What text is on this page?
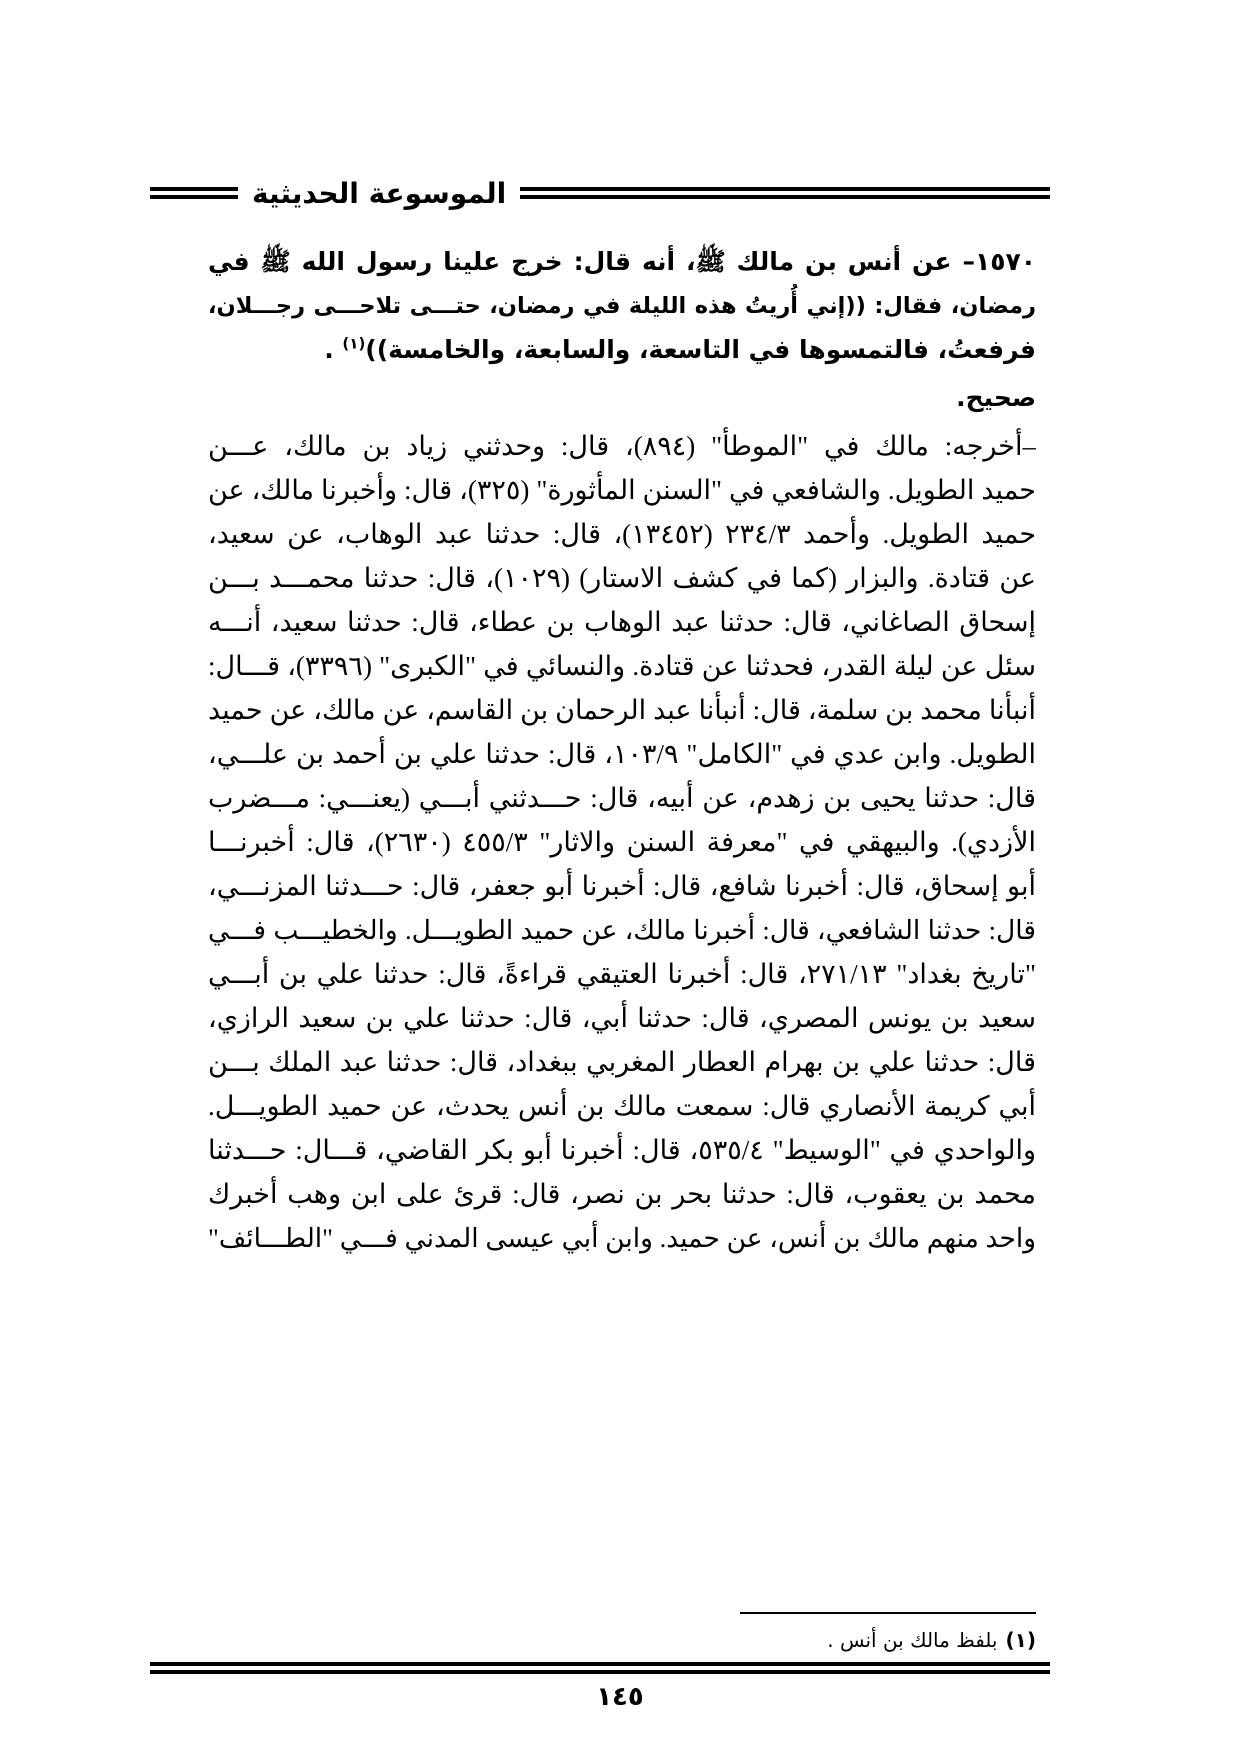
الموسوعة الحديثية
١٥٧٠– عن أنس بن مالك ﷺ، أنه قال: خرج علينا رسول الله ﷺ في
رمضان، فقال: ((إني أُريتُ هذه الليلة في رمضان، حتـــى تلاحـــى رجـــلان،
فرفعتُ، فالتمسوها في التاسعة، والسابعة، والخامسة))$^{(١)}$ .
صحيح.
–أخرجه: مالك في "الموطأ" (٨٩٤)، قال: وحدثني زياد بن مالك، عـــن
حميد الطويل. والشافعي في "السنن المأثورة" (٣٢٥)، قال: وأخبرنا مالك، عن
حميد الطويل. وأحمد ٢٣٤/٣ (١٣٤٥٢)، قال: حدثنا عبد الوهاب، عن سعيد،
عن قتادة. والبزار (كما في كشف الاستار) (١٠٢٩)، قال: حدثنا محمـــد بـــن
إسحاق الصاغاني، قال: حدثنا عبد الوهاب بن عطاء، قال: حدثنا سعيد، أنـــه
سئل عن ليلة القدر، فحدثنا عن قتادة. والنسائي في "الكبرى" (٣٣٩٦)، قـــال:
أنبأنا محمد بن سلمة، قال: أنبأنا عبد الرحمان بن القاسم، عن مالك، عن حميد
الطويل. وابن عدي في "الكامل" ١٠٣/٩، قال: حدثنا علي بن أحمد بن علـــي،
قال: حدثنا يحيى بن زهدم، عن أبيه، قال: حـــدثني أبـــي (يعنـــي: مـــضرب
الأزدي). والبيهقي في "معرفة السنن والاثار" ٤٥٥/٣ (٢٦٣٠)، قال: أخبرنـــا
أبو إسحاق، قال: أخبرنا شافع، قال: أخبرنا أبو جعفر، قال: حـــدثنا المزنـــي،
قال: حدثنا الشافعي، قال: أخبرنا مالك، عن حميد الطويـــل. والخطيـــب فـــي
"تاريخ بغداد" ٢٧١/١٣، قال: أخبرنا العتيقي قراءةً، قال: حدثنا علي بن أبـــي
سعيد بن يونس المصري، قال: حدثنا أبي، قال: حدثنا علي بن سعيد الرازي،
قال: حدثنا علي بن بهرام العطار المغربي ببغداد، قال: حدثنا عبد الملك بـــن
أبي كريمة الأنصاري قال: سمعت مالك بن أنس يحدث، عن حميد الطويـــل.
والواحدي في "الوسيط" ٥٣٥/٤، قال: أخبرنا أبو بكر القاضي، قـــال: حـــدثنا
محمد بن يعقوب، قال: حدثنا بحر بن نصر، قال: قرئ على ابن وهب أخبرك
واحد منهم مالك بن أنس، عن حميد. وابن أبي عيسى المدني فـــي "الطـــائف"
(١)بلفظ مالك بن أنس .
١٤٥
